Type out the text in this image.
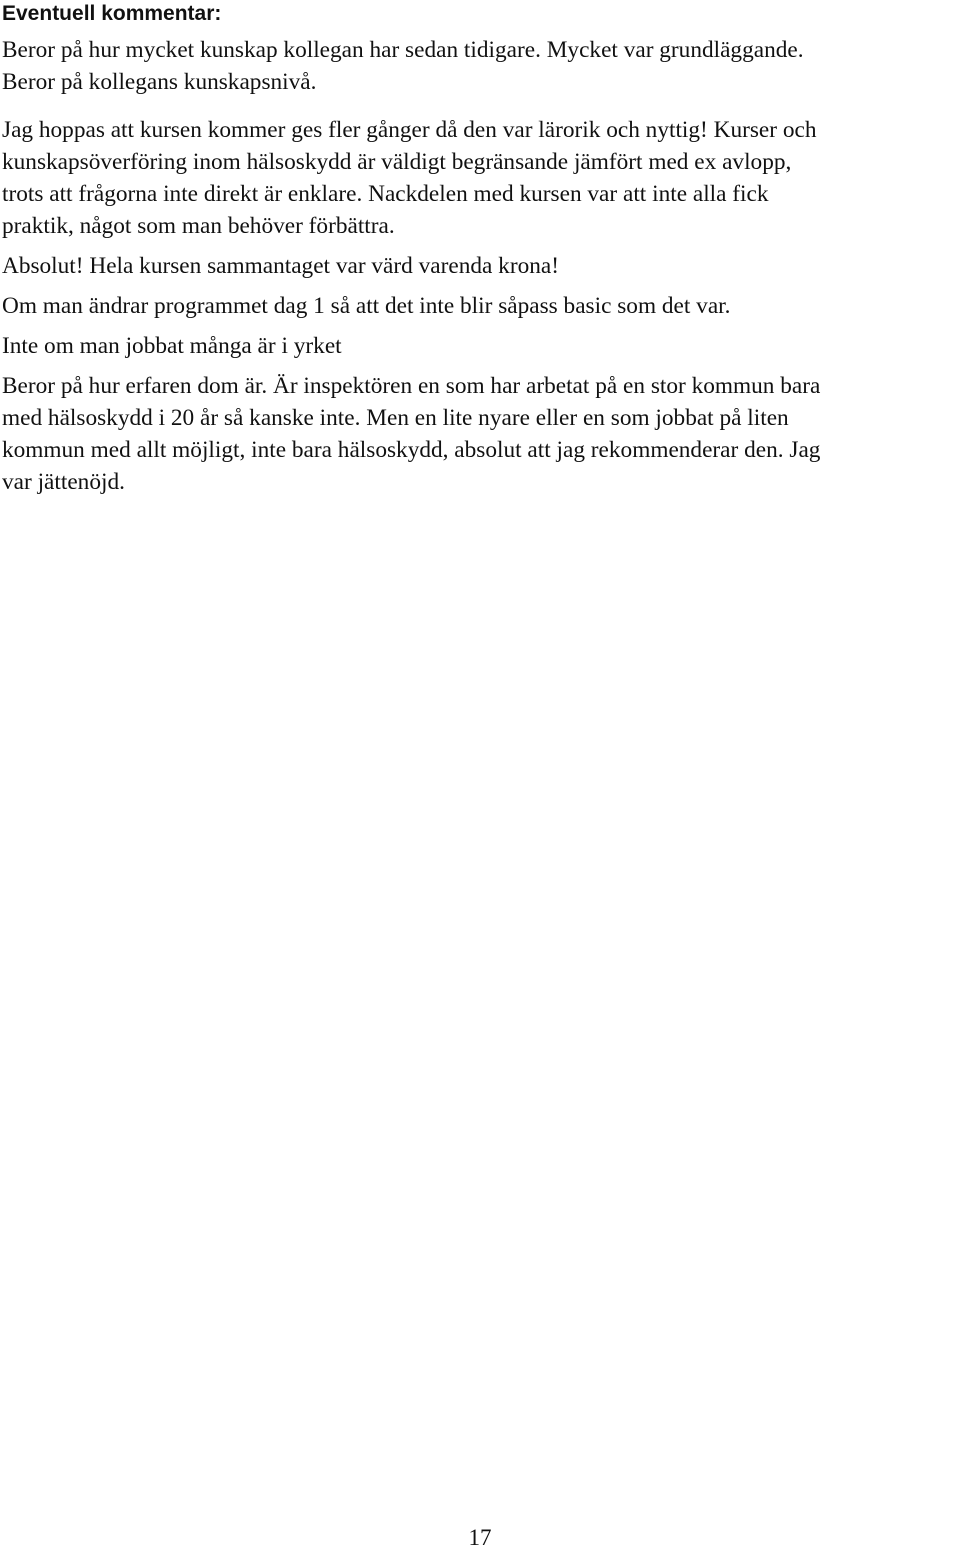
Eventuell kommentar:

Beror på hur mycket kunskap kollegan har sedan tidigare. Mycket var grundläggande.
Beror på kollegans kunskapsnivå.

Jag hoppas att kursen kommer ges fler gånger då den var lärorik och nyttig! Kurser och
kunskapsöverföring inom hälsoskydd är väldigt begränsande jämfört med ex avlopp,
trots att frågorna inte direkt är enklare. Nackdelen med kursen var att inte alla fick
praktik, något som man behöver förbättra.

Absolut! Hela kursen sammantaget var värd varenda krona!

Om man ändrar programmet dag 1 så att det inte blir såpass basic som det var.

Inte om man jobbat många är i yrket

Beror på hur erfaren dom är. Är inspektören en som har arbetat på en stor kommun bara
med hälsoskydd i 20 år så kanske inte. Men en lite nyare eller en som jobbat på liten
kommun med allt möjligt, inte bara hälsoskydd, absolut att jag rekommenderar den. Jag
var jättenöjd.

17
